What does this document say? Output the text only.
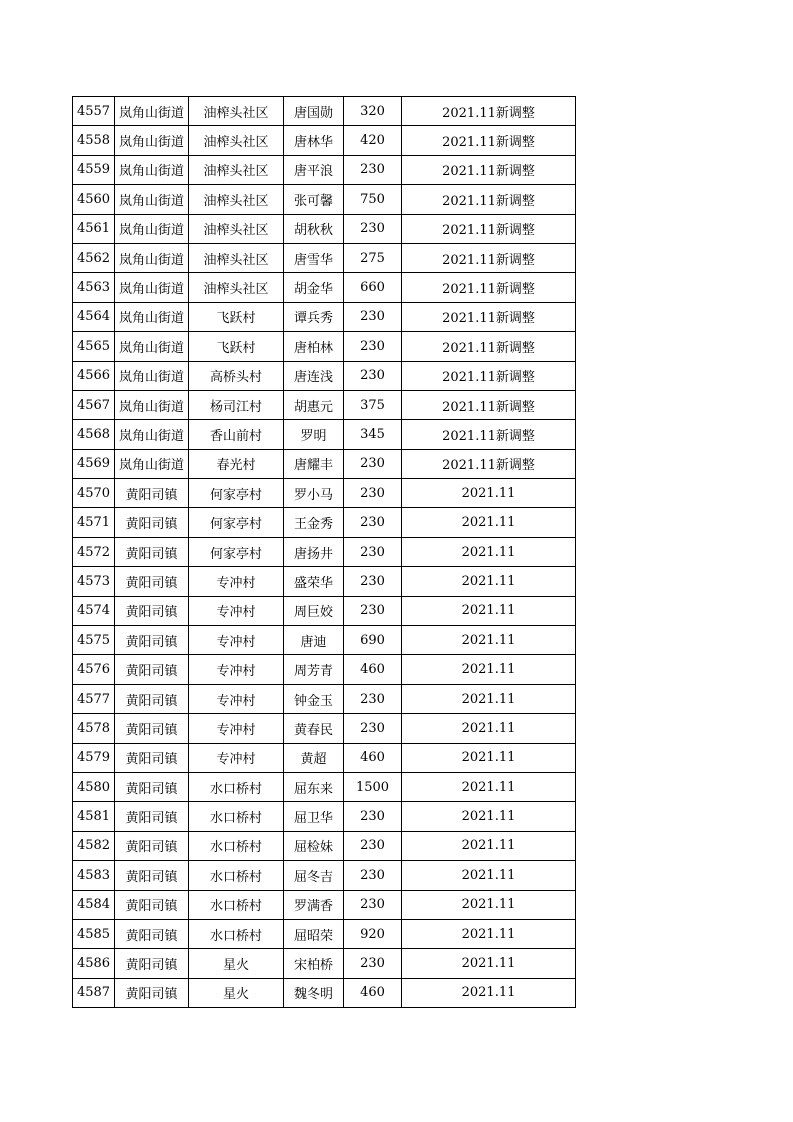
4557	岚角山街道	油榨头社区	唐国勋	320	2021.11新调整
4558	岚角山街道	油榨头社区	唐林华	420	2021.11新调整
4559	岚角山街道	油榨头社区	唐平浪	230	2021.11新调整
4560	岚角山街道	油榨头社区	张可馨	750	2021.11新调整
4561	岚角山街道	油榨头社区	胡秋秋	230	2021.11新调整
4562	岚角山街道	油榨头社区	唐雪华	275	2021.11新调整
4563	岚角山街道	油榨头社区	胡金华	660	2021.11新调整
4564	岚角山街道	飞跃村	谭兵秀	230	2021.11新调整
4565	岚角山街道	飞跃村	唐柏林	230	2021.11新调整
4566	岚角山街道	高桥头村	唐连浅	230	2021.11新调整
4567	岚角山街道	杨司江村	胡惠元	375	2021.11新调整
4568	岚角山街道	香山前村	罗明	345	2021.11新调整
4569	岚角山街道	春光村	唐耀丰	230	2021.11新调整
4570	黄阳司镇	何家亭村	罗小马	230	2021.11
4571	黄阳司镇	何家亭村	王金秀	230	2021.11
4572	黄阳司镇	何家亭村	唐扬井	230	2021.11
4573	黄阳司镇	专冲村	盛荣华	230	2021.11
4574	黄阳司镇	专冲村	周巨姣	230	2021.11
4575	黄阳司镇	专冲村	唐迪	690	2021.11
4576	黄阳司镇	专冲村	周芳青	460	2021.11
4577	黄阳司镇	专冲村	钟金玉	230	2021.11
4578	黄阳司镇	专冲村	黄春民	230	2021.11
4579	黄阳司镇	专冲村	黄超	460	2021.11
4580	黄阳司镇	水口桥村	屈东来	1500	2021.11
4581	黄阳司镇	水口桥村	屈卫华	230	2021.11
4582	黄阳司镇	水口桥村	屈检妹	230	2021.11
4583	黄阳司镇	水口桥村	屈冬吉	230	2021.11
4584	黄阳司镇	水口桥村	罗满香	230	2021.11
4585	黄阳司镇	水口桥村	屈昭荣	920	2021.11
4586	黄阳司镇	星火	宋柏桥	230	2021.11
4587	黄阳司镇	星火	魏冬明	460	2021.11
